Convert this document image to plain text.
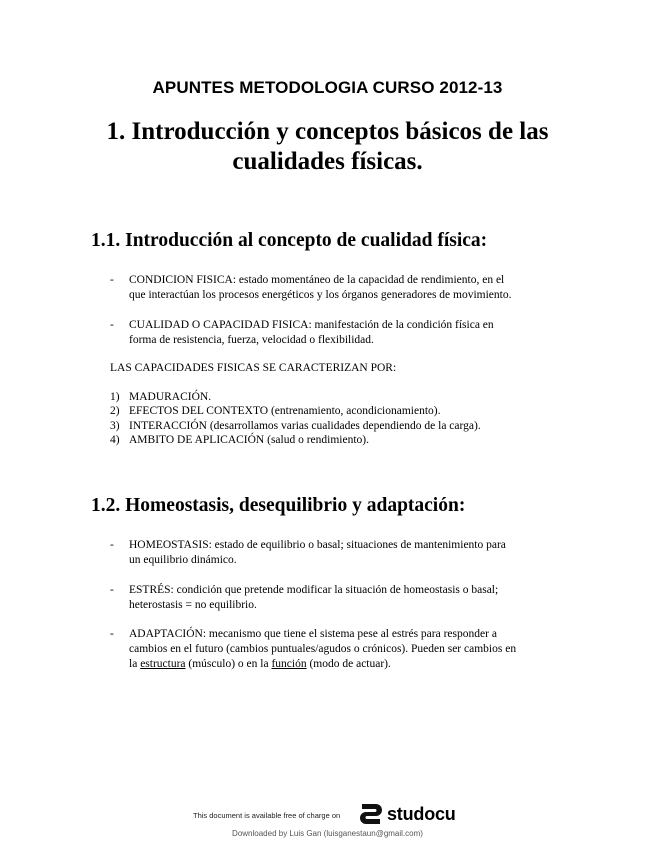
APUNTES METODOLOGIA CURSO 2012-13
1. Introducción y conceptos básicos de las
cualidades físicas.
1.1. Introducción al concepto de cualidad física:
- CONDICION FISICA: estado momentáneo de la capacidad de rendimiento, en el
que interactúan los procesos energéticos y los órganos generadores de movimiento.
- CUALIDAD O CAPACIDAD FISICA: manifestación de la condición física en
forma de resistencia, fuerza, velocidad o flexibilidad.
LAS CAPACIDADES FISICAS SE CARACTERIZAN POR:
1) MADURACIÓN.
2) EFECTOS DEL CONTEXTO (entrenamiento, acondicionamiento).
3) INTERACCIÓN (desarrollamos varias cualidades dependiendo de la carga).
4) AMBITO DE APLICACIÓN (salud o rendimiento).
1.2. Homeostasis, desequilibrio y adaptación:
- HOMEOSTASIS: estado de equilibrio o basal; situaciones de mantenimiento para
un equilibrio dinámico.
- ESTRÉS: condición que pretende modificar la situación de homeostasis o basal;
heterostasis = no equilibrio.
- ADAPTACIÓN: mecanismo que tiene el sistema pese al estrés para responder a
cambios en el futuro (cambios puntuales/agudos o crónicos). Pueden ser cambios en
la estructura (músculo) o en la función (modo de actuar).
This document is available free of charge on	studocu
Downloaded by Luis Gan (luisganestaun@gmail.com)
